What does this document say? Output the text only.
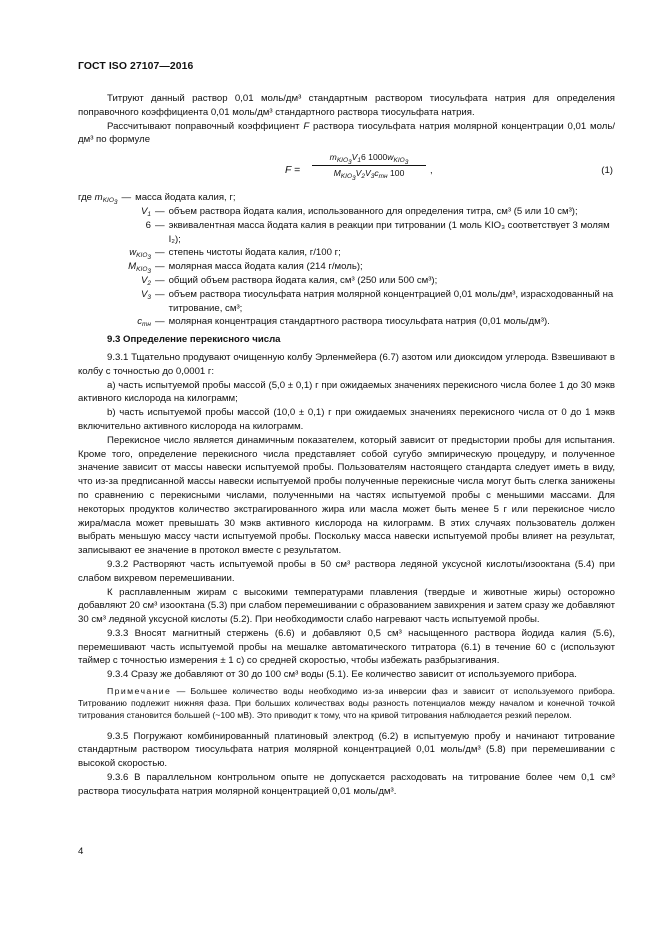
ГОСТ ISO 27107—2016

Титруют данный раствор 0,01 моль/дм³ стандартным раствором тиосульфата натрия для определения поправочного коэффициента 0,01 моль/дм³ стандартного раствора тиосульфата натрия.

Рассчитывают поправочный коэффициент F раствора тиосульфата натрия молярной концентрации 0,01 моль/дм³ по формуле

F =
$m_{KIO_3}V_16$ $1000w_{KIO_3}$
$M_{KIO_3}V_2V_3c_{тн}$ 100	,	(1)
где $m_{KIO_3}$ — масса йодата калия, г;
$V_1$ — объем раствора йодата калия, использованного для определения титра, см³ (5 или 10 см³);
6 — эквивалентная масса йодата калия в реакции при титровании (1 моль KIO₃ соответствует 3 молям I₂);
$w_{KIO_3}$ — степень чистоты йодата калия, г/100 г;
$M_{KIO_3}$ — молярная масса йодата калия (214 г/моль);
$V_2$ — общий объем раствора йодата калия, см³ (250 или 500 см³);
$V_3$ — объем раствора тиосульфата натрия молярной концентрацией 0,01 моль/дм³, израсходованный на титрование, см³;
$c_{тн}$ — молярная концентрация стандартного раствора тиосульфата натрия (0,01 моль/дм³).

9.3 Определение перекисного числа

9.3.1 Тщательно продувают очищенную колбу Эрленмейера (6.7) азотом или диоксидом углерода. Взвешивают в колбу с точностью до 0,0001 г:

a) часть испытуемой пробы массой (5,0 ± 0,1) г при ожидаемых значениях перекисного числа более 1 до 30 мэкв активного кислорода на килограмм;

b) часть испытуемой пробы массой (10,0 ± 0,1) г при ожидаемых значениях перекисного числа от 0 до 1 мэкв включительно активного кислорода на килограмм.

Перекисное число является динамичным показателем, который зависит от предыстории пробы для испытания. Кроме того, определение перекисного числа представляет собой сугубо эмпирическую процедуру, и полученное значение зависит от массы навески испытуемой пробы. Пользователям настоящего стандарта следует иметь в виду, что из-за предписанной массы навески испытуемой пробы полученные перекисные числа могут быть слегка занижены по сравнению с перекисными числами, полученными на частях испытуемой пробы с меньшими массами. Для некоторых продуктов количество экстрагированного жира или масла может быть менее 5 г или перекисное число жира/масла может превышать 30 мэкв активного кислорода на килограмм. В этих случаях пользователь должен выбрать меньшую массу части испытуемой пробы. Поскольку масса навески испытуемой пробы влияет на результат, записывают ее значение в протокол вместе с результатом.

9.3.2 Растворяют часть испытуемой пробы в 50 см³ раствора ледяной уксусной кислоты/изооктана (5.4) при слабом вихревом перемешивании.

К расплавленным жирам с высокими температурами плавления (твердые и животные жиры) осторожно добавляют 20 см³ изооктана (5.3) при слабом перемешивании с образованием завихрения и затем сразу же добавляют 30 см³ ледяной уксусной кислоты (5.2). При необходимости слабо нагревают часть испытуемой пробы.

9.3.3 Вносят магнитный стержень (6.6) и добавляют 0,5 см³ насыщенного раствора йодида калия (5.6), перемешивают часть испытуемой пробы на мешалке автоматического титратора (6.1) в течение 60 с (используют таймер с точностью измерения ± 1 с) со средней скоростью, чтобы избежать разбрызгивания.

9.3.4 Сразу же добавляют от 30 до 100 см³ воды (5.1). Ее количество зависит от используемого прибора.

Примечание — Большее количество воды необходимо из-за инверсии фаз и зависит от используемого прибора. Титрованию подлежит нижняя фаза. При больших количествах воды разность потенциалов между началом и конечной точкой титрования становится большей (~100 мВ). Это приводит к тому, что на кривой титрования наблюдается резкий перелом.

9.3.5 Погружают комбинированный платиновый электрод (6.2) в испытуемую пробу и начинают титрование стандартным раствором тиосульфата натрия молярной концентрацией 0,01 моль/дм³ (5.8) при перемешивании с высокой скоростью.

9.3.6 В параллельном контрольном опыте не допускается расходовать на титрование более чем 0,1 см³ раствора тиосульфата натрия молярной концентрацией 0,01 моль/дм³.

4
